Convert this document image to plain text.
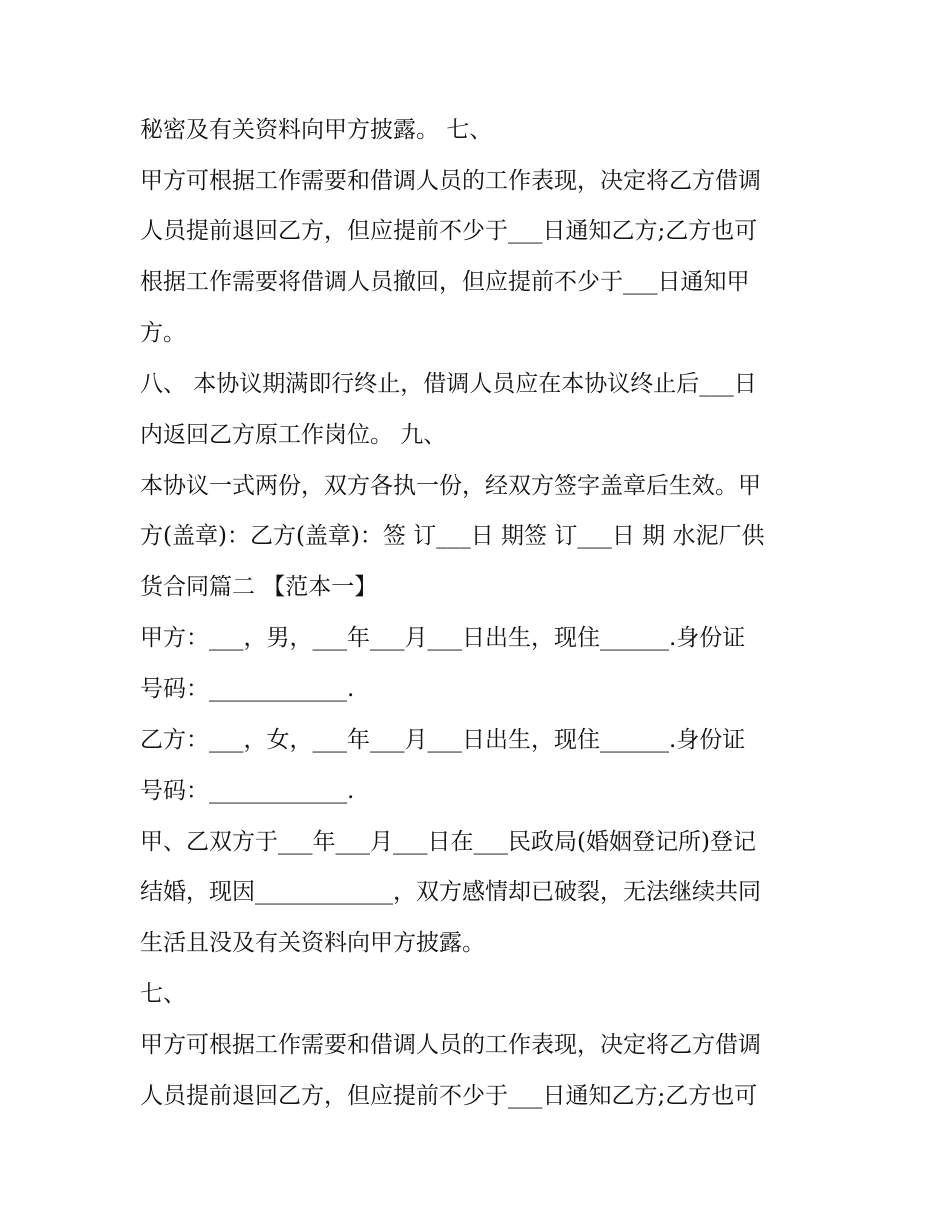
秘密及有关资料向甲方披露。 七、
甲方可根据工作需要和借调人员的工作表现，决定将乙方借调
人员提前退回乙方，但应提前不少于___日通知乙方;乙方也可
根据工作需要将借调人员撤回，但应提前不少于___日通知甲
方。
八、 本协议期满即行终止，借调人员应在本协议终止后___日
内返回乙方原工作岗位。 九、
本协议一式两份，双方各执一份，经双方签字盖章后生效。甲
方(盖章)：乙方(盖章)：签 订___日 期签 订___日 期 水泥厂供
货合同篇二 【范本一】
甲方：___，男，___年___月___日出生，现住______.身份证
号码：____________.
乙方：___，女，___年___月___日出生，现住______.身份证
号码：____________.
甲、乙双方于___年___月___日在___民政局(婚姻登记所)登记
结婚，现因____________，双方感情却已破裂，无法继续共同
生活且没及有关资料向甲方披露。
七、
甲方可根据工作需要和借调人员的工作表现，决定将乙方借调
人员提前退回乙方，但应提前不少于___日通知乙方;乙方也可
